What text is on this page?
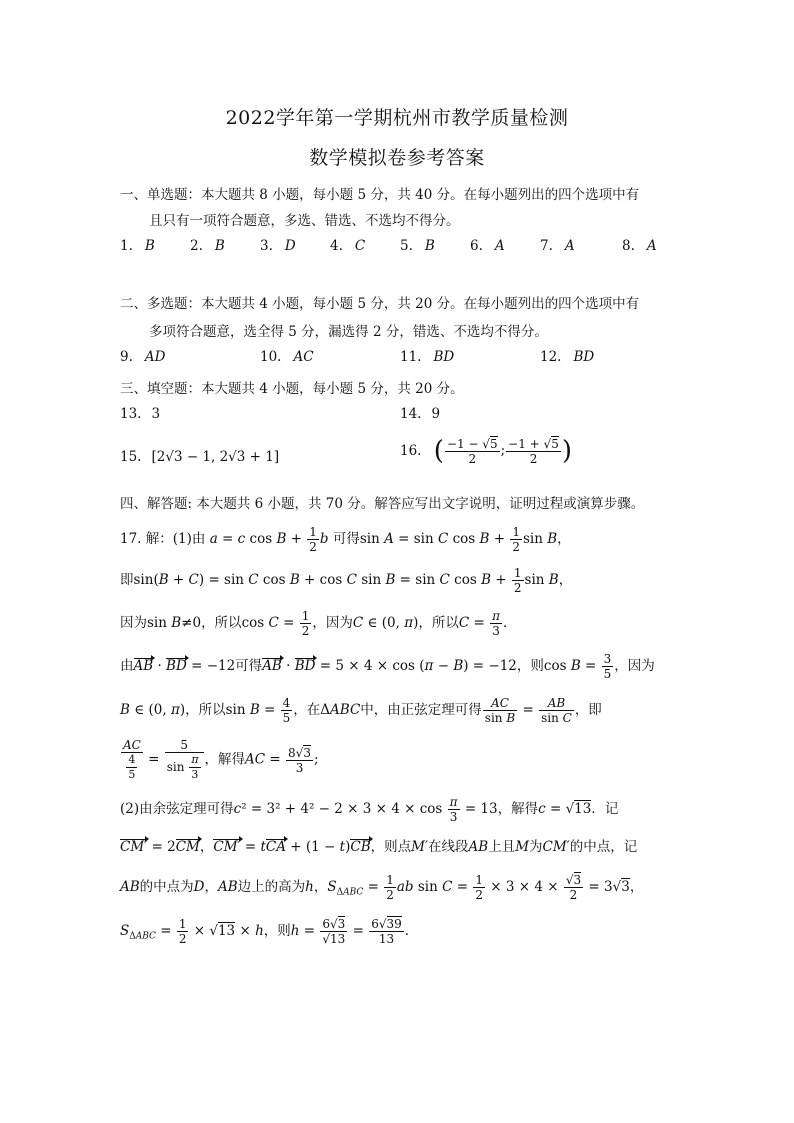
2022学年第一学期杭州市教学质量检测
数学模拟卷参考答案
一、单选题：本大题共 8 小题，每小题 5 分，共 40 分。在每小题列出的四个选项中有
且只有一项符合题意，多选、错选、不选均不得分。
1. B	2. B	3. D	4. C	5. B	6. A	7. A	8. A
二、多选题：本大题共 4 小题，每小题 5 分，共 20 分。在每小题列出的四个选项中有
多项符合题意，选全得 5 分，漏选得 2 分，错选、不选均不得分。
9. AD	10. AC	11. BD	12. BD
三、填空题：本大题共 4 小题，每小题 5 分，共 20 分。
13. 3	14. 9
15. [2√3 − 1, 2√3 + 1]	16. ( $\frac{-1 - √5}{2}$ ; $\frac{-1 + √5}{2}$ )
四、解答题: 本大题共 6 小题，共 70 分。解答应写出文字说明，证明过程或演算步骤。
17. 解：(1)由 a = c $\cos B + \frac{1}{2}$ b 可得sin A = sin C $\cos B + \frac{1}{2}$ sin B，
即sin(B + C) = sin C cos B + cos C sin B = sin C $\cos B + \frac{1}{2}$ sin B，
因为sin B≠0，所以$\cos C = \frac{1}{2}$ ，因为C ∈ (0, π)，所以$C = \frac{\pi}{3}$ ．
由AB · BD = −12可得AB · BD = 5 × 4 × cos (π − B) = −12，则$\cos B = \frac{3}{5}$ ，因为
B ∈ (0, π)，所以$\sin B = \frac{4}{5}$ ，在ΔABC中，由正弦定理可得 $\frac{AC}{\text{sin B}} = \frac{AB}{\text{sin C}}$ ，即
$\frac{AC}{\frac{4}{5}} = \frac{5}{\sin \frac{\pi}{3}}$ ，解得AC = $\frac{8√3}{3}$ ;
(2)由余弦定理可得$c^2 = 3^2 + 4^2 - 2 \times 3 \times 4 \times \cos \frac{\pi}{3} = 13$，解得c = √13．记
CM′ = 2CM，CM′ = tCA + (1 − t)CB，则点M′在线段AB上且M为CM′的中点，记
AB的中点为D，AB边上的高为h，$S_{\Delta ABC} = \frac{1}{2}$ ab $\sin C = \frac{1}{2} \times 3 \times 4 \times \frac{√3}{2} = 3√3$，
$S_{\Delta ABC} = \frac{1}{2} \times √13 \times h$，则$h = \frac{6√3}{√13} = \frac{6√39}{13}$ ．
